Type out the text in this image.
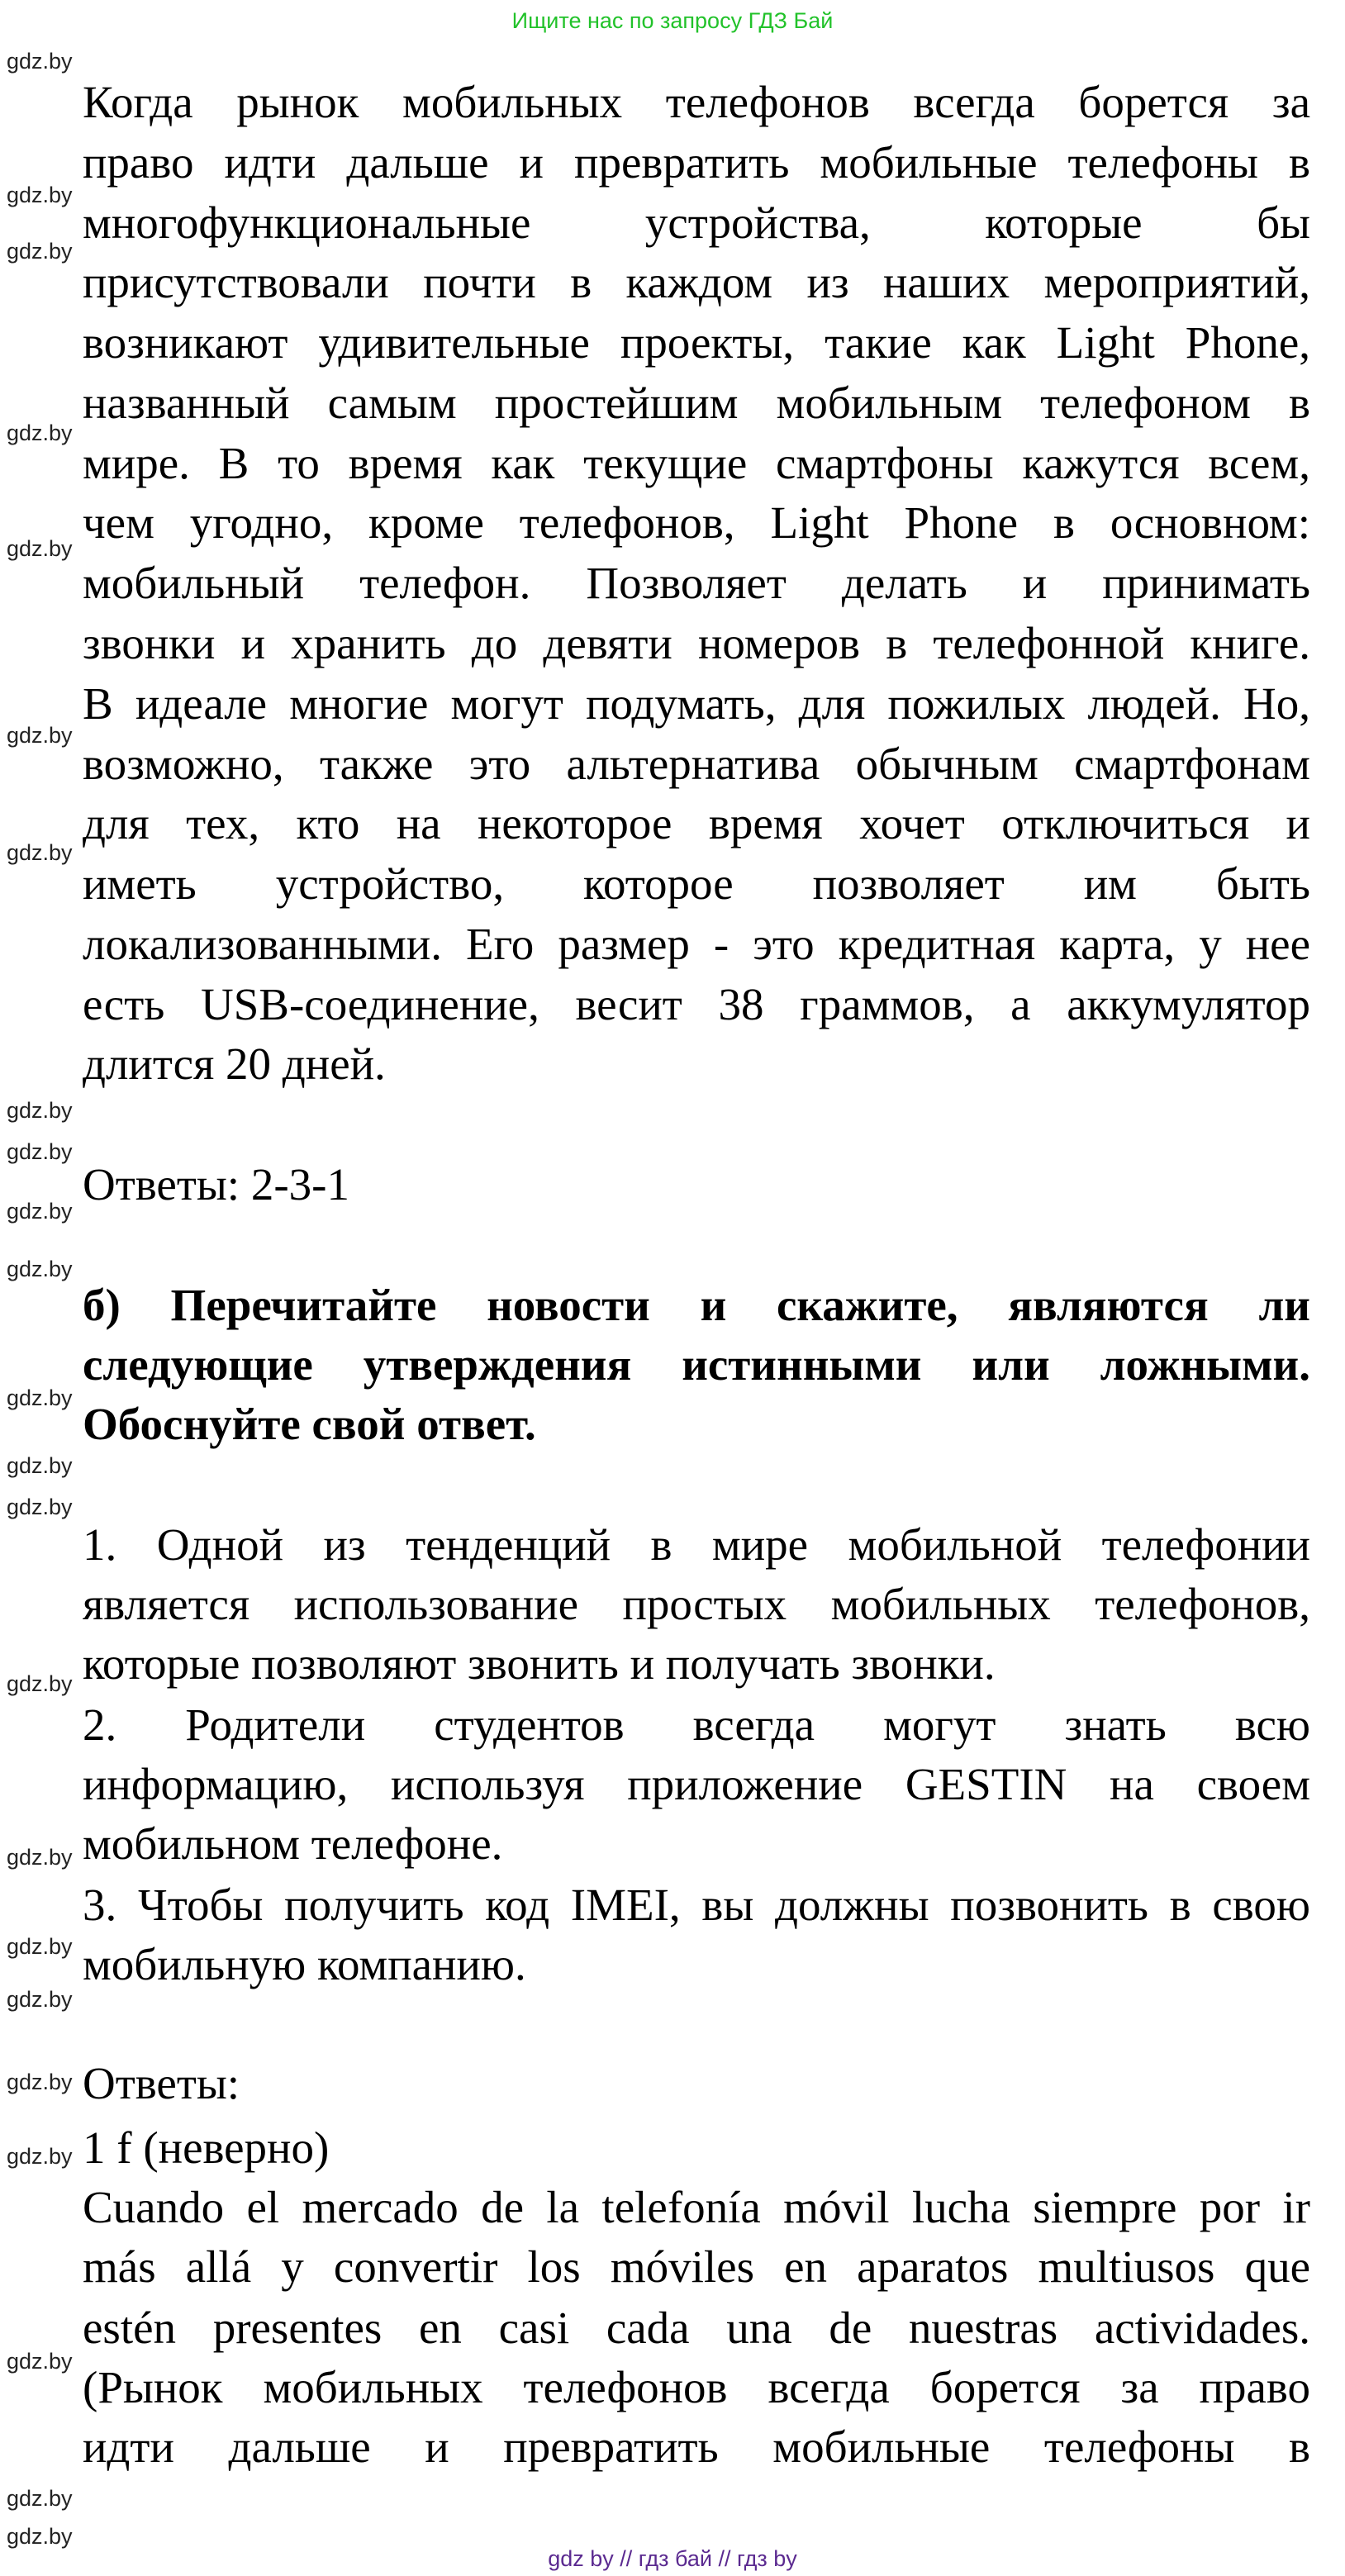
Ищите нас по запросу ГДЗ Бай
Когда рынок мобильных телефонов всегда борется за
право идти дальше и превратить мобильные телефоны в
многофункциональные устройства, которые бы
присутствовали почти в каждом из наших мероприятий,
возникают удивительные проекты, такие как Light Phone,
названный самым простейшим мобильным телефоном в
мире. В то время как текущие смартфоны кажутся всем,
чем угодно, кроме телефонов, Light Phone в основном:
мобильный телефон. Позволяет делать и принимать
звонки и хранить до девяти номеров в телефонной книге.
В идеале многие могут подумать, для пожилых людей. Но,
возможно, также это альтернатива обычным смартфонам
для тех, кто на некоторое время хочет отключиться и
иметь устройство, которое позволяет им быть
локализованными. Его размер - это кредитная карта, у нее
есть USB-соединение, весит 38 граммов, а аккумулятор
длится 20 дней.
Ответы: 2-3-1
б) Перечитайте новости и скажите, являются ли
следующие утверждения истинными или ложными.
Обоснуйте свой ответ.
1. Одной из тенденций в мире мобильной телефонии
является использование простых мобильных телефонов,
которые позволяют звонить и получать звонки.
2. Родители студентов всегда могут знать всю
информацию, используя приложение GESTIN на своем
мобильном телефоне.
3. Чтобы получить код IMEI, вы должны позвонить в свою
мобильную компанию.
Ответы:
1 f (неверно)
Cuando el mercado de la telefonía móvil lucha siempre por ir
más allá y convertir los móviles en aparatos multiusos que
estén presentes en casi cada una de nuestras actividades.
(Рынок мобильных телефонов всегда борется за право
идти дальше и превратить мобильные телефоны в
gdz.by
gdz.by
gdz.by
gdz.by
gdz.by
gdz.by
gdz.by
gdz.by
gdz.by
gdz.by
gdz.by
gdz.by
gdz.by
gdz.by
gdz.by
gdz.by
gdz.by
gdz.by
gdz.by
gdz.by
gdz.by
gdz.by
gdz.by
gdz by // гдз бай // гдз by
